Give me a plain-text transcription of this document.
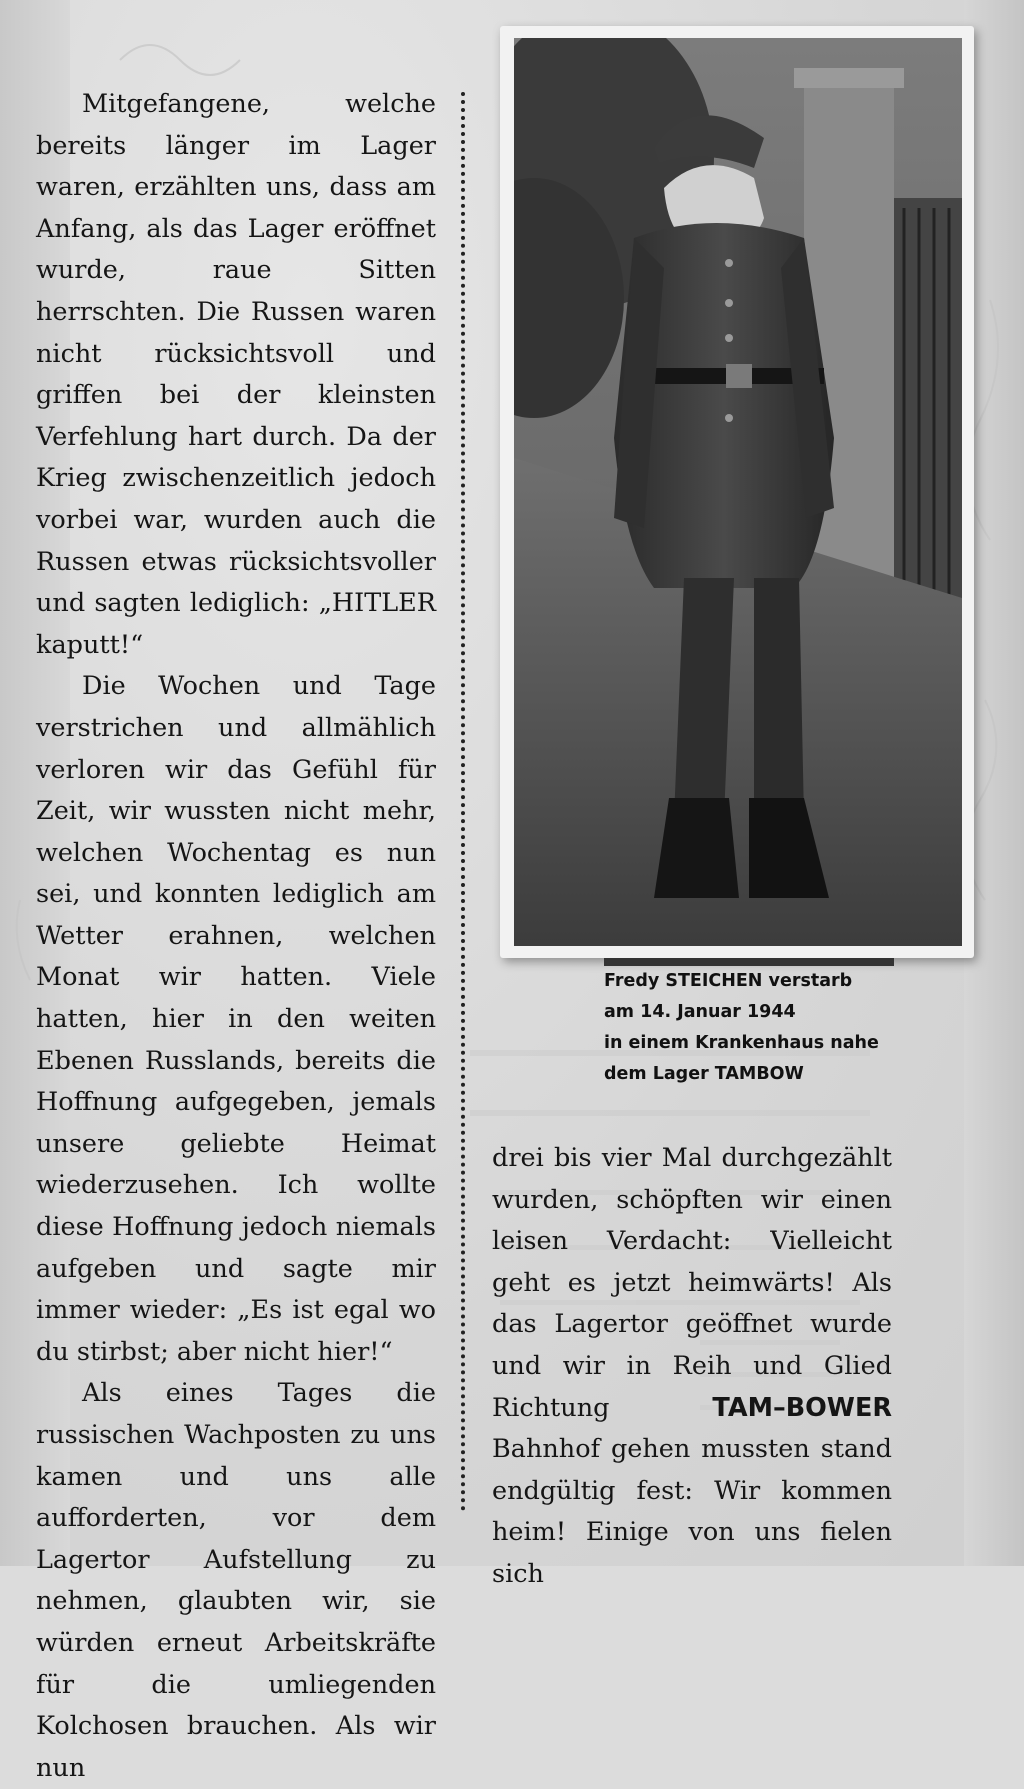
Mitgefangene, welche bereits länger im Lager waren, erzählten uns, dass am Anfang, als das Lager eröffnet wurde, raue Sitten herrschten. Die Russen waren nicht rücksichtsvoll und griffen bei der kleinsten Verfehlung hart durch. Da der Krieg zwischenzeitlich jedoch vorbei war, wurden auch die Russen etwas rücksichtsvoller und sagten lediglich: „HITLER kaputt!“

Die Wochen und Tage verstrichen und allmählich verloren wir das Gefühl für Zeit, wir wussten nicht mehr, welchen Wochentag es nun sei, und konnten lediglich am Wetter erahnen, welchen Monat wir hatten. Viele hatten, hier in den weiten Ebenen Russlands, bereits die Hoffnung aufgegeben, jemals unsere geliebte Heimat wiederzusehen. Ich wollte diese Hoffnung jedoch niemals aufgeben und sagte mir immer wieder: „Es ist egal wo du stirbst; aber nicht hier!“

Als eines Tages die russischen Wachposten zu uns kamen und uns alle aufforderten, vor dem Lagertor Aufstellung zu nehmen, glaubten wir, sie würden erneut Arbeitskräfte für die umliegenden Kolchosen brauchen. Als wir nun

Fredy STEICHEN verstarb
am 14. Januar 1944
in einem Krankenhaus nahe
dem Lager TAMBOW

drei bis vier Mal durchgezählt wurden, schöpften wir einen leisen Verdacht: Vielleicht geht es jetzt heimwärts! Als das Lagertor geöffnet wurde und wir in Reih und Glied Richtung TAM–BOWER Bahnhof gehen mussten stand endgültig fest: Wir kommen heim! Einige von uns fielen sich
